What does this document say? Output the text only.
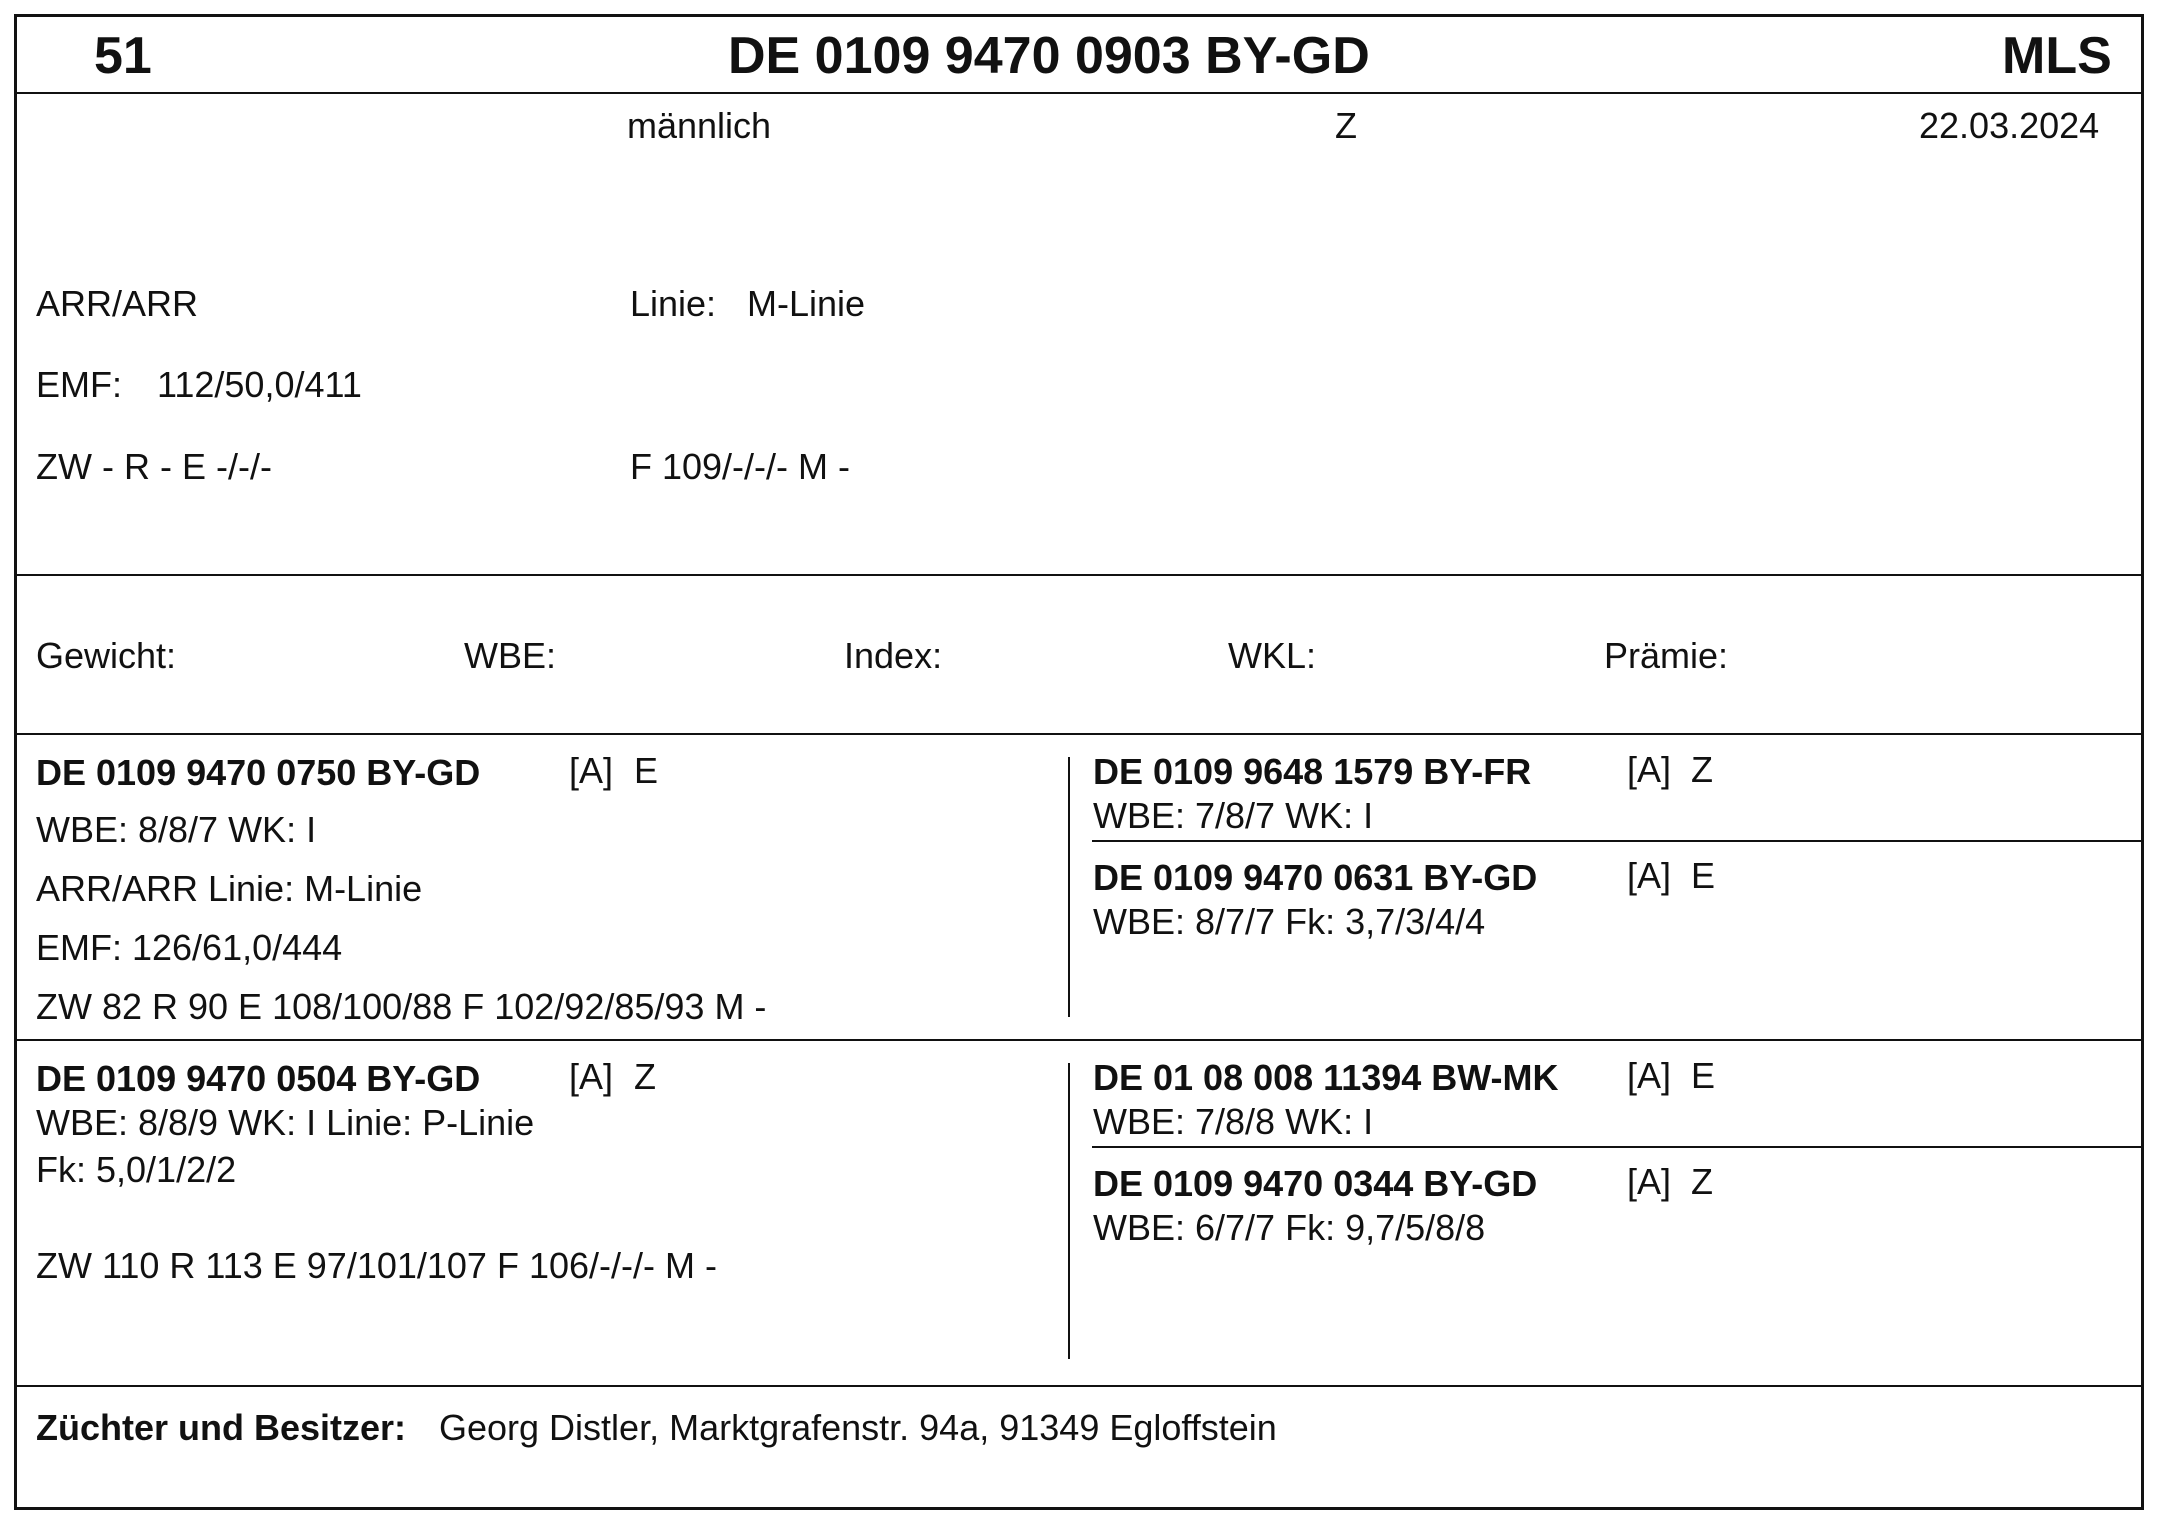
51	DE 0109 9470 0903 BY-GD	MLS
männlich	Z	22.03.2024
ARR/ARR	Linie: M-Linie
EMF: 112/50,0/411
ZW - R - E -/-/-	F 109/-/-/- M -
Gewicht:	WBE:	Index:	WKL:	Prämie:
DE 0109 9470 0750 BY-GD [A] E
WBE: 8/8/7 WK: I
ARR/ARR Linie: M-Linie
EMF: 126/61,0/444
ZW 82 R 90 E 108/100/88 F 102/92/85/93 M -
DE 0109 9648 1579 BY-FR	[A] Z
WBE: 7/8/7 WK: I
DE 0109 9470 0631 BY-GD [A] E
WBE: 8/7/7 Fk: 3,7/3/4/4
DE 0109 9470 0504 BY-GD [A] Z
WBE: 8/8/9 WK: I Linie: P-Linie
Fk: 5,0/1/2/2
ZW 110 R 113 E 97/101/107 F 106/-/-/- M -
DE 01 08 008 11394 BW-MK [A] E
WBE: 7/8/8 WK: I
DE 0109 9470 0344 BY-GD [A] Z
WBE: 6/7/7 Fk: 9,7/5/8/8
Züchter und Besitzer: Georg Distler, Marktgrafenstr. 94a, 91349 Egloffstein
